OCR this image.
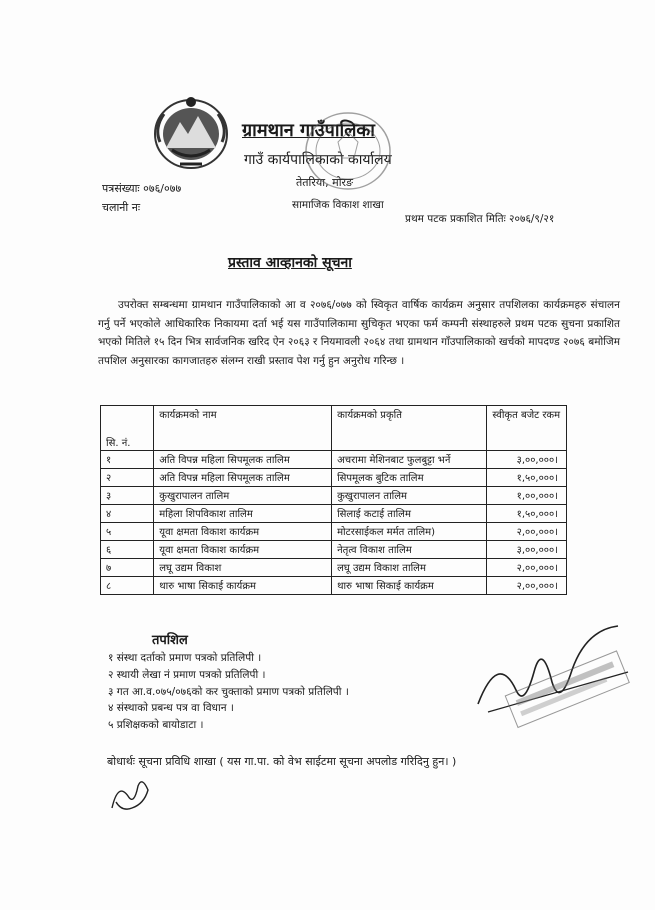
ग्रामथान गाउँपालिका
गाउँ कार्यपालिकाको कार्यालय
तेतरिया, मोरङ
सामाजिक विकाश शाखा
पत्रसंख्याः ०७६/०७७
चलानी नः
प्रथम पटक प्रकाशित मितिः २०७६/९/२१
प्रस्ताव आव्हानको सूचना
उपरोक्त सम्बन्धमा ग्रामथान गाउँपालिकाको आ व २०७६/०७७ को स्विकृत वार्षिक कार्यक्रम अनुसार तपशिलका कार्यक्रमहरु संचालन गर्नु पर्ने भएकोले आधिकारिक निकायमा दर्ता भई यस गाउँपालिकामा सुचिकृत भएका फर्म कम्पनी संस्थाहरुले प्रथम पटक सुचना प्रकाशित भएको मितिले १५ दिन भित्र सार्वजनिक खरिद ऐन २०६३ र नियमावली २०६४ तथा ग्रामथान गाँउपालिकाको खर्चको मापदण्ड २०७६ बमोजिम तपशिल अनुसारका कागजातहरु संलग्न राखी प्रस्ताव पेश गर्नु हुन अनुरोध गरिन्छ ।
सि. नं.	कार्यक्रमको नाम	कार्यक्रमको प्रकृति	स्वीकृत बजेट रकम
१	अति विपन्न महिला सिपमूलक तालिम	अचरामा मेशिनबाट फुलबुट्टा भर्ने	३,००,०००।
२	अति विपन्न महिला सिपमूलक तालिम	सिपमूलक बुटिक तालिम	१,५०,०००।
३	कुखुरापालन तालिम	कुखुरापालन तालिम	१,००,०००।
४	महिला शिपविकाश तालिम	सिलाई कटाई तालिम	१,५०,०००।
५	यूवा क्षमता विकाश कार्यक्रम	मोटरसाईकल मर्मत तालिम)	२,००,०००।
६	यूवा क्षमता विकाश कार्यक्रम	नेतृत्व विकाश तालिम	३,००,०००।
७	लघू उद्यम विकाश	लघू उद्यम विकाश तालिम	२,००,०००।
८	थारु भाषा सिकाई कार्यक्रम	थारु भाषा सिकाई कार्यक्रम	२,००,०००।
तपशिल
१ संस्था दर्ताको प्रमाण पत्रको प्रतिलिपी ।
२ स्थायी लेखा नं प्रमाण पत्रको प्रतिलिपी ।
३ गत आ.व.०७५/०७६को कर चुक्ताको प्रमाण पत्रको प्रतिलिपी ।
४ संस्थाको प्रबन्ध पत्र वा विधान ।
५ प्रशिक्षकको बायोडाटा ।
बोधार्थः सूचना प्रविधि शाखा ( यस गा.पा. को वेभ साईटमा सूचना अपलोड गरिदिनु हुन। )
